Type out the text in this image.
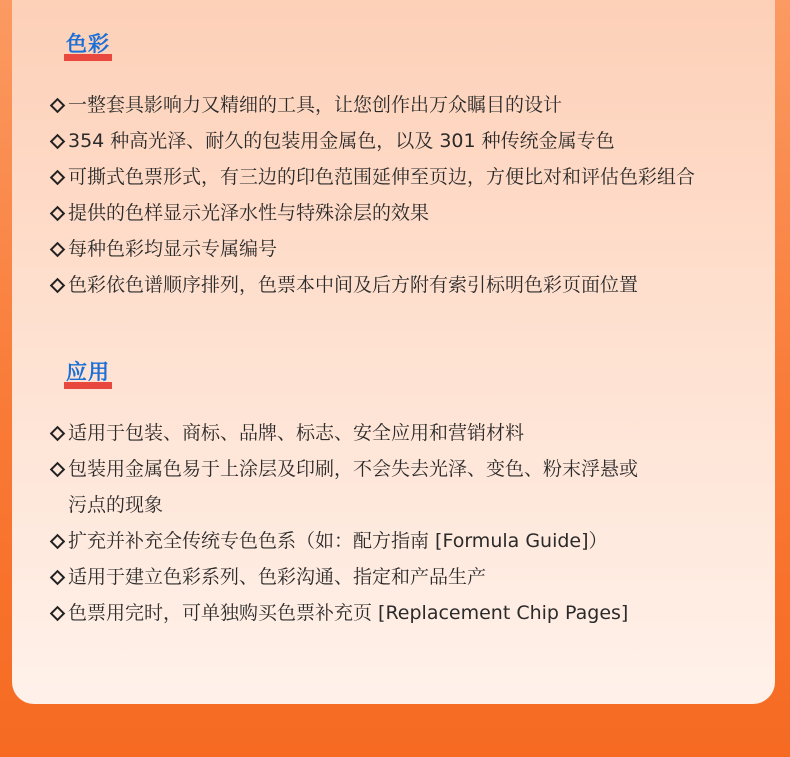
色彩
一整套具影响力又精细的工具，让您创作出万众瞩目的设计
354 种高光泽、耐久的包装用金属色，以及 301 种传统金属专色
可撕式色票形式，有三边的印色范围延伸至页边，方便比对和评估色彩组合
提供的色样显示光泽水性与特殊涂层的效果
每种色彩均显示专属编号
色彩依色谱顺序排列，色票本中间及后方附有索引标明色彩页面位置
应用
适用于包装、商标、品牌、标志、安全应用和营销材料
包装用金属色易于上涂层及印刷，不会失去光泽、变色、粉末浮悬或
污点的现象
扩充并补充全传统专色色系（如：配方指南 [Formula Guide]）
适用于建立色彩系列、色彩沟通、指定和产品生产
色票用完时，可单独购买色票补充页 [Replacement Chip Pages]
